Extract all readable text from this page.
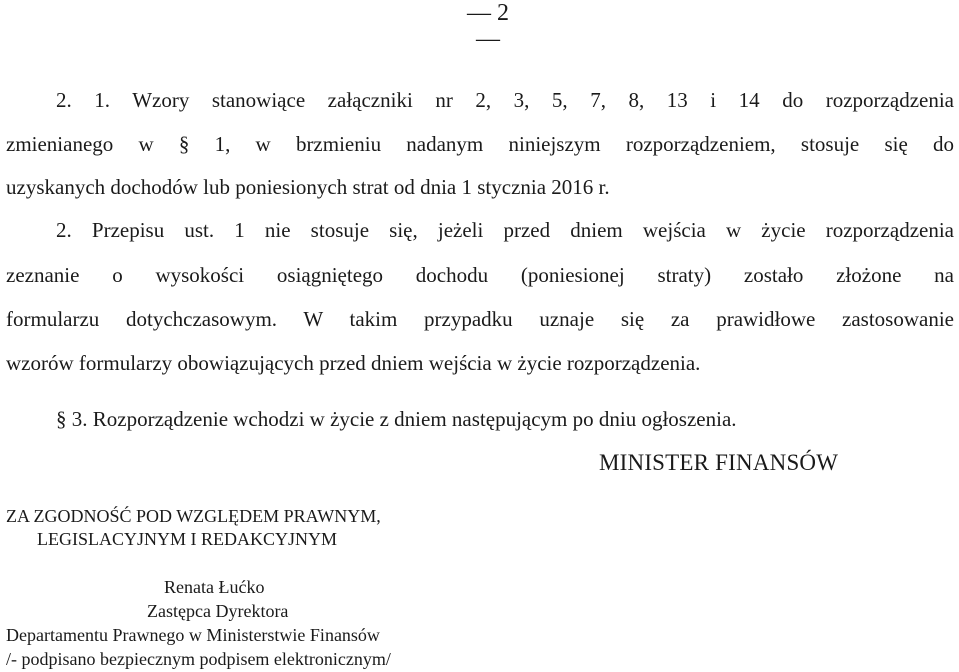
— 2 —
2. 1. Wzory stanowiące załączniki nr 2, 3, 5, 7, 8, 13 i 14 do rozporządzenia
zmienianego w § 1, w brzmieniu nadanym niniejszym rozporządzeniem, stosuje się do
uzyskanych dochodów lub poniesionych strat od dnia 1 stycznia 2016 r.
2. Przepisu ust. 1 nie stosuje się, jeżeli przed dniem wejścia w życie rozporządzenia
zeznanie o wysokości osiągniętego dochodu (poniesionej straty) zostało złożone na
formularzu dotychczasowym. W takim przypadku uznaje się za prawidłowe zastosowanie
wzorów formularzy obowiązujących przed dniem wejścia w życie rozporządzenia.
§ 3. Rozporządzenie wchodzi w życie z dniem następującym po dniu ogłoszenia.
MINISTER FINANSÓW
ZA ZGODNOŚĆ POD WZGLĘDEM PRAWNYM,
LEGISLACYJNYM I REDAKCYJNYM
Renata Łućko
Zastępca Dyrektora
Departamentu Prawnego w Ministerstwie Finansów
/- podpisano bezpiecznym podpisem elektronicznym/
